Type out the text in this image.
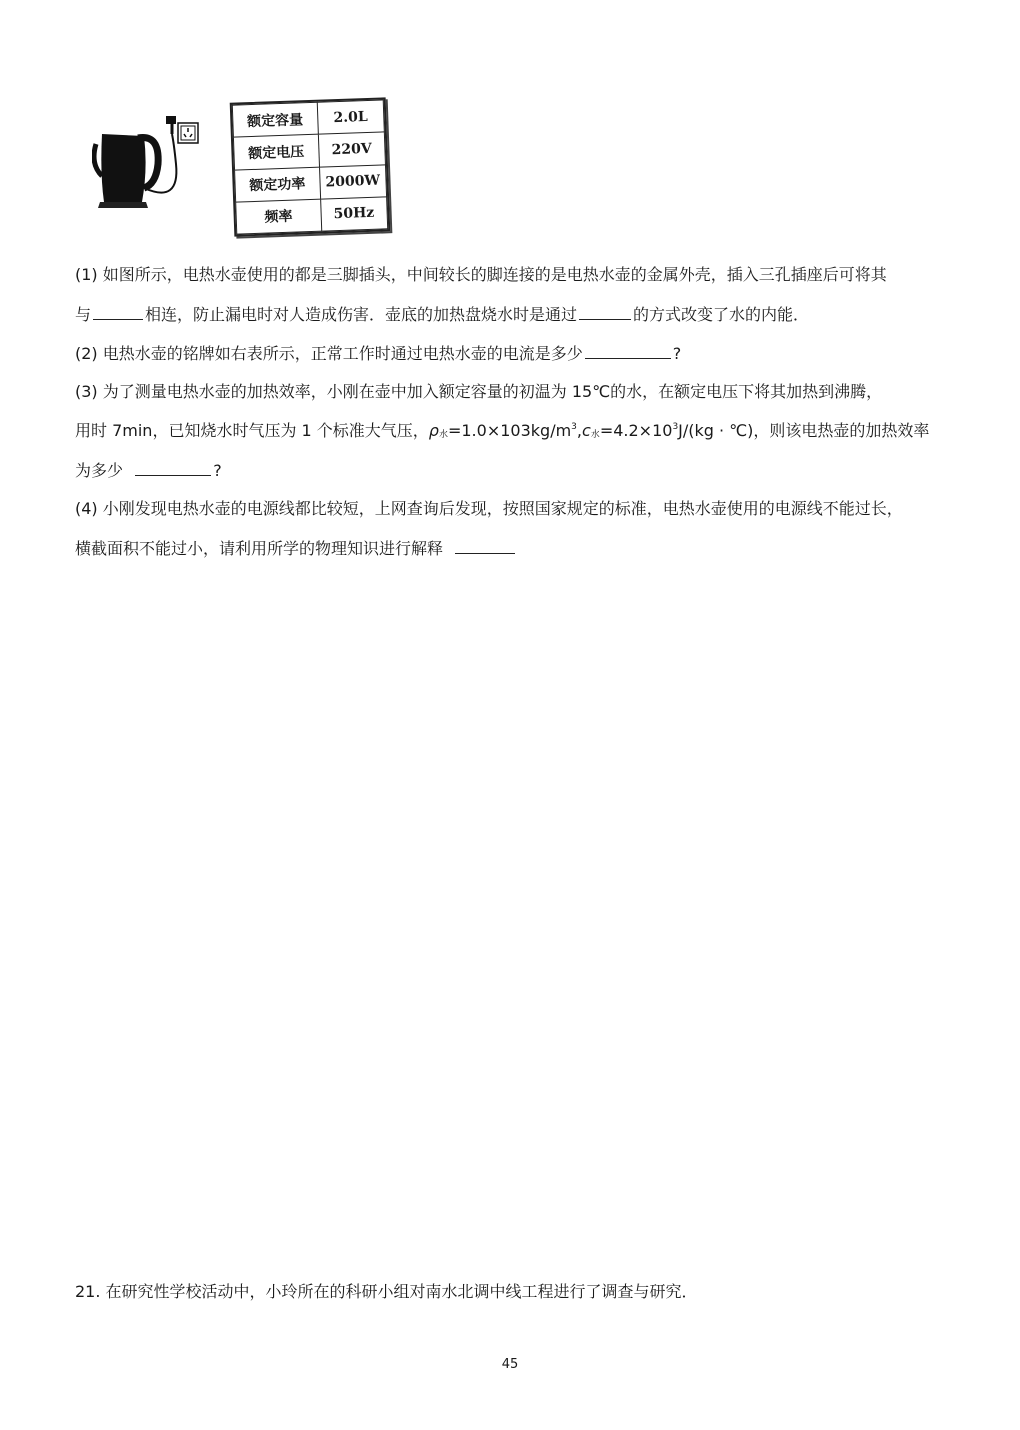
额定容量	2.0L
额定电压	220V
额定功率	2000W
频率	50Hz
(1) 如图所示，电热水壶使用的都是三脚插头，中间较长的脚连接的是电热水壶的金属外壳，插入三孔插座后可将其
与	相连，防止漏电时对人造成伤害．壶底的加热盘烧水时是通过	的方式改变了水的内能．
(2) 电热水壶的铭牌如右表所示，正常工作时通过电热水壶的电流是多少	?
(3) 为了测量电热水壶的加热效率，小刚在壶中加入额定容量的初温为 15℃的水，在额定电压下将其加热到沸腾，
用时 7min，已知烧水时气压为 1 个标准大气压，$\rho_水=1.0\times 103kg/m^3,c_水=4.2\times 10^3J/(kg$ · ℃)，则该电热壶的加热效率
为多少	?
(4) 小刚发现电热水壶的电源线都比较短，上网查询后发现，按照国家规定的标准，电热水壶使用的电源线不能过长，
横截面积不能过小，请利用所学的物理知识进行解释
21. 在研究性学校活动中，小玲所在的科研小组对南水北调中线工程进行了调查与研究．
45
